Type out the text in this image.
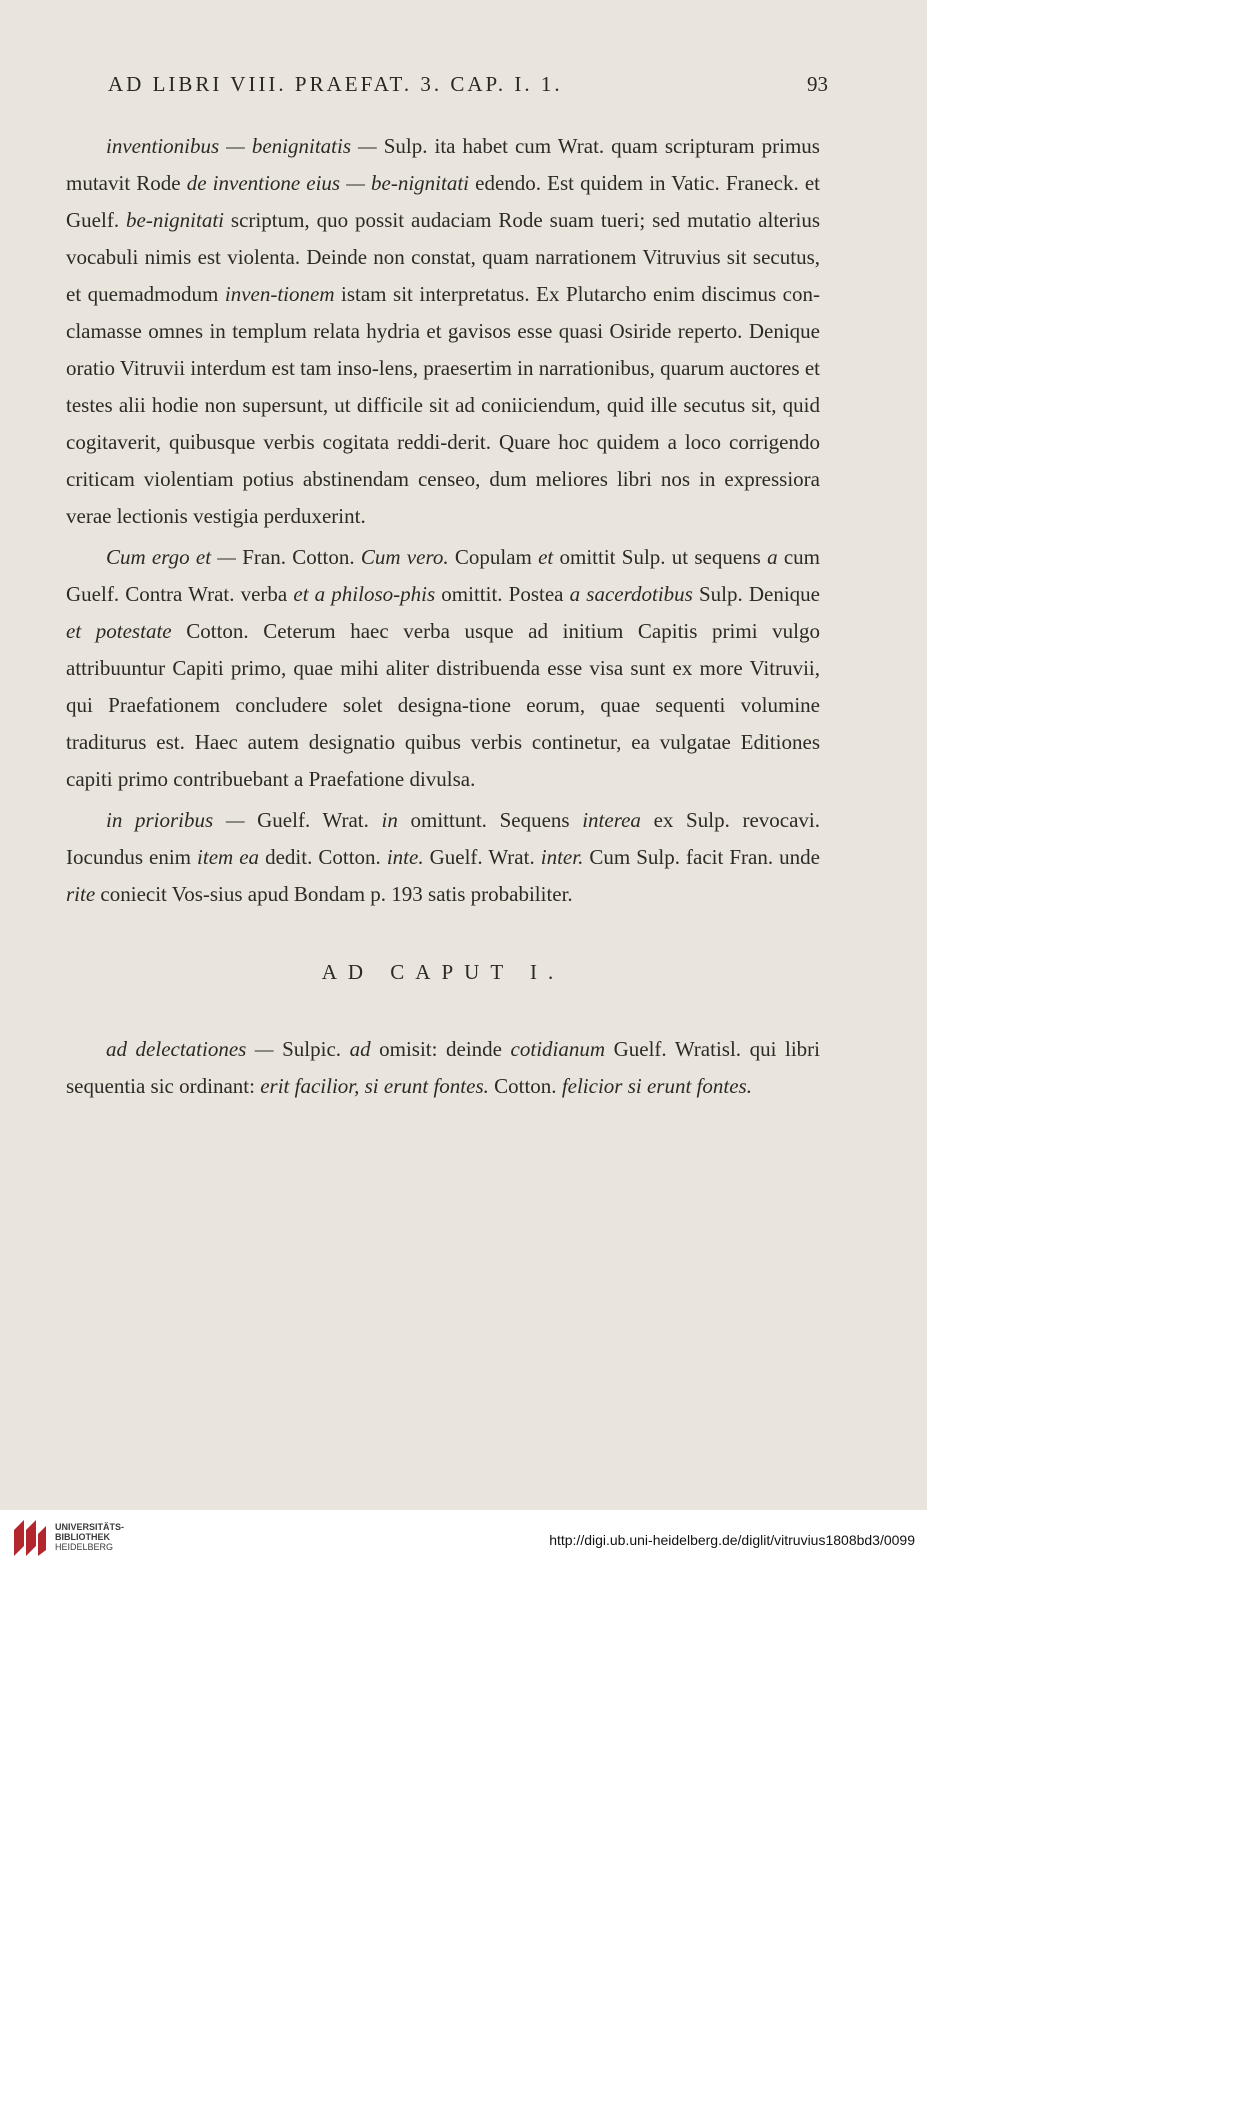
AD LIBRI VIII. PRAEFAT. 3. CAP. I. 1.	93

inventionibus — benignitatis — Sulp. ita habet cum Wrat. quam scripturam primus mutavit Rode de inventione eius — be-nignitati edendo. Est quidem in Vatic. Franeck. et Guelf. be-nignitati scriptum, quo possit audaciam Rode suam tueri; sed mutatio alterius vocabuli nimis est violenta. Deinde non constat, quam narrationem Vitruvius sit secutus, et quemadmodum inven-tionem istam sit interpretatus. Ex Plutarcho enim discimus con-clamasse omnes in templum relata hydria et gavisos esse quasi Osiride reperto. Denique oratio Vitruvii interdum est tam inso-lens, praesertim in narrationibus, quarum auctores et testes alii hodie non supersunt, ut difficile sit ad coniiciendum, quid ille secutus sit, quid cogitaverit, quibusque verbis cogitata reddi-derit. Quare hoc quidem a loco corrigendo criticam violentiam potius abstinendam censeo, dum meliores libri nos in expressiora verae lectionis vestigia perduxerint.

Cum ergo et — Fran. Cotton. Cum vero. Copulam et omittit Sulp. ut sequens a cum Guelf. Contra Wrat. verba et a philoso-phis omittit. Postea a sacerdotibus Sulp. Denique et potestate Cotton. Ceterum haec verba usque ad initium Capitis primi vulgo attribuuntur Capiti primo, quae mihi aliter distribuenda esse visa sunt ex more Vitruvii, qui Praefationem concludere solet designa-tione eorum, quae sequenti volumine traditurus est. Haec autem designatio quibus verbis continetur, ea vulgatae Editiones capiti primo contribuebant a Praefatione divulsa.

in prioribus — Guelf. Wrat. in omittunt. Sequens interea ex Sulp. revocavi. Iocundus enim item ea dedit. Cotton. inte. Guelf. Wrat. inter. Cum Sulp. facit Fran. unde rite coniecit Vos-sius apud Bondam p. 193 satis probabiliter.

AD CAPUT I.

ad delectationes — Sulpic. ad omisit: deinde cotidianum Guelf. Wratisl. qui libri sequentia sic ordinant: erit facilior, si erunt fontes. Cotton. felicior si erunt fontes.

UNIVERSITÄTS-
BIBLIOTHEK
HEIDELBERG	http://digi.ub.uni-heidelberg.de/diglit/vitruvius1808bd3/0099
